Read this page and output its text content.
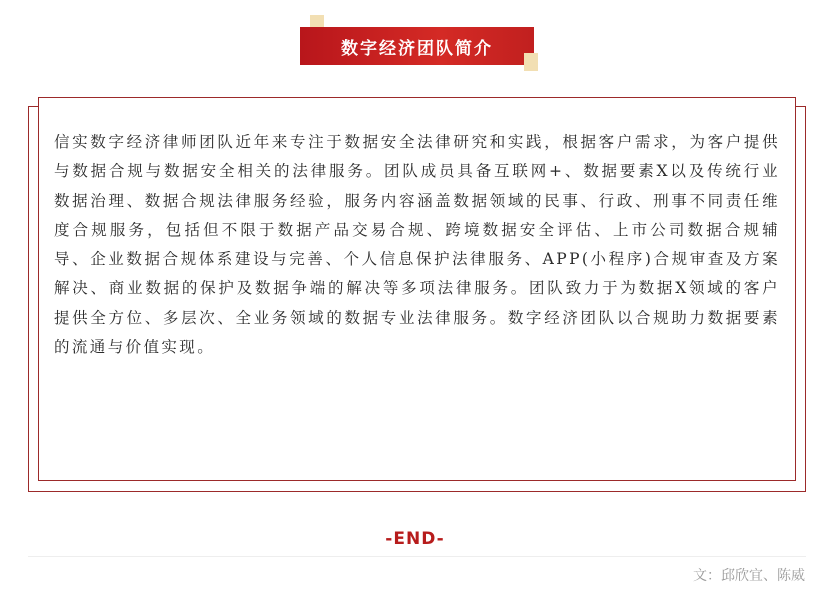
数字经济团队简介

信实数字经济律师团队近年来专注于数据安全法律研究和实践，根据客户需求，为客户提供与数据合规与数据安全相关的法律服务。团队成员具备互联网+、数据要素X以及传统行业数据治理、数据合规法律服务经验，服务内容涵盖数据领域的民事、行政、刑事不同责任维度合规服务，包括但不限于数据产品交易合规、跨境数据安全评估、上市公司数据合规辅导、企业数据合规体系建设与完善、个人信息保护法律服务、APP(小程序)合规审查及方案解决、商业数据的保护及数据争端的解决等多项法律服务。团队致力于为数据X领域的客户提供全方位、多层次、全业务领域的数据专业法律服务。数字经济团队以合规助力数据要素的流通与价值实现。

-END-
文：邱欣宜、陈威
